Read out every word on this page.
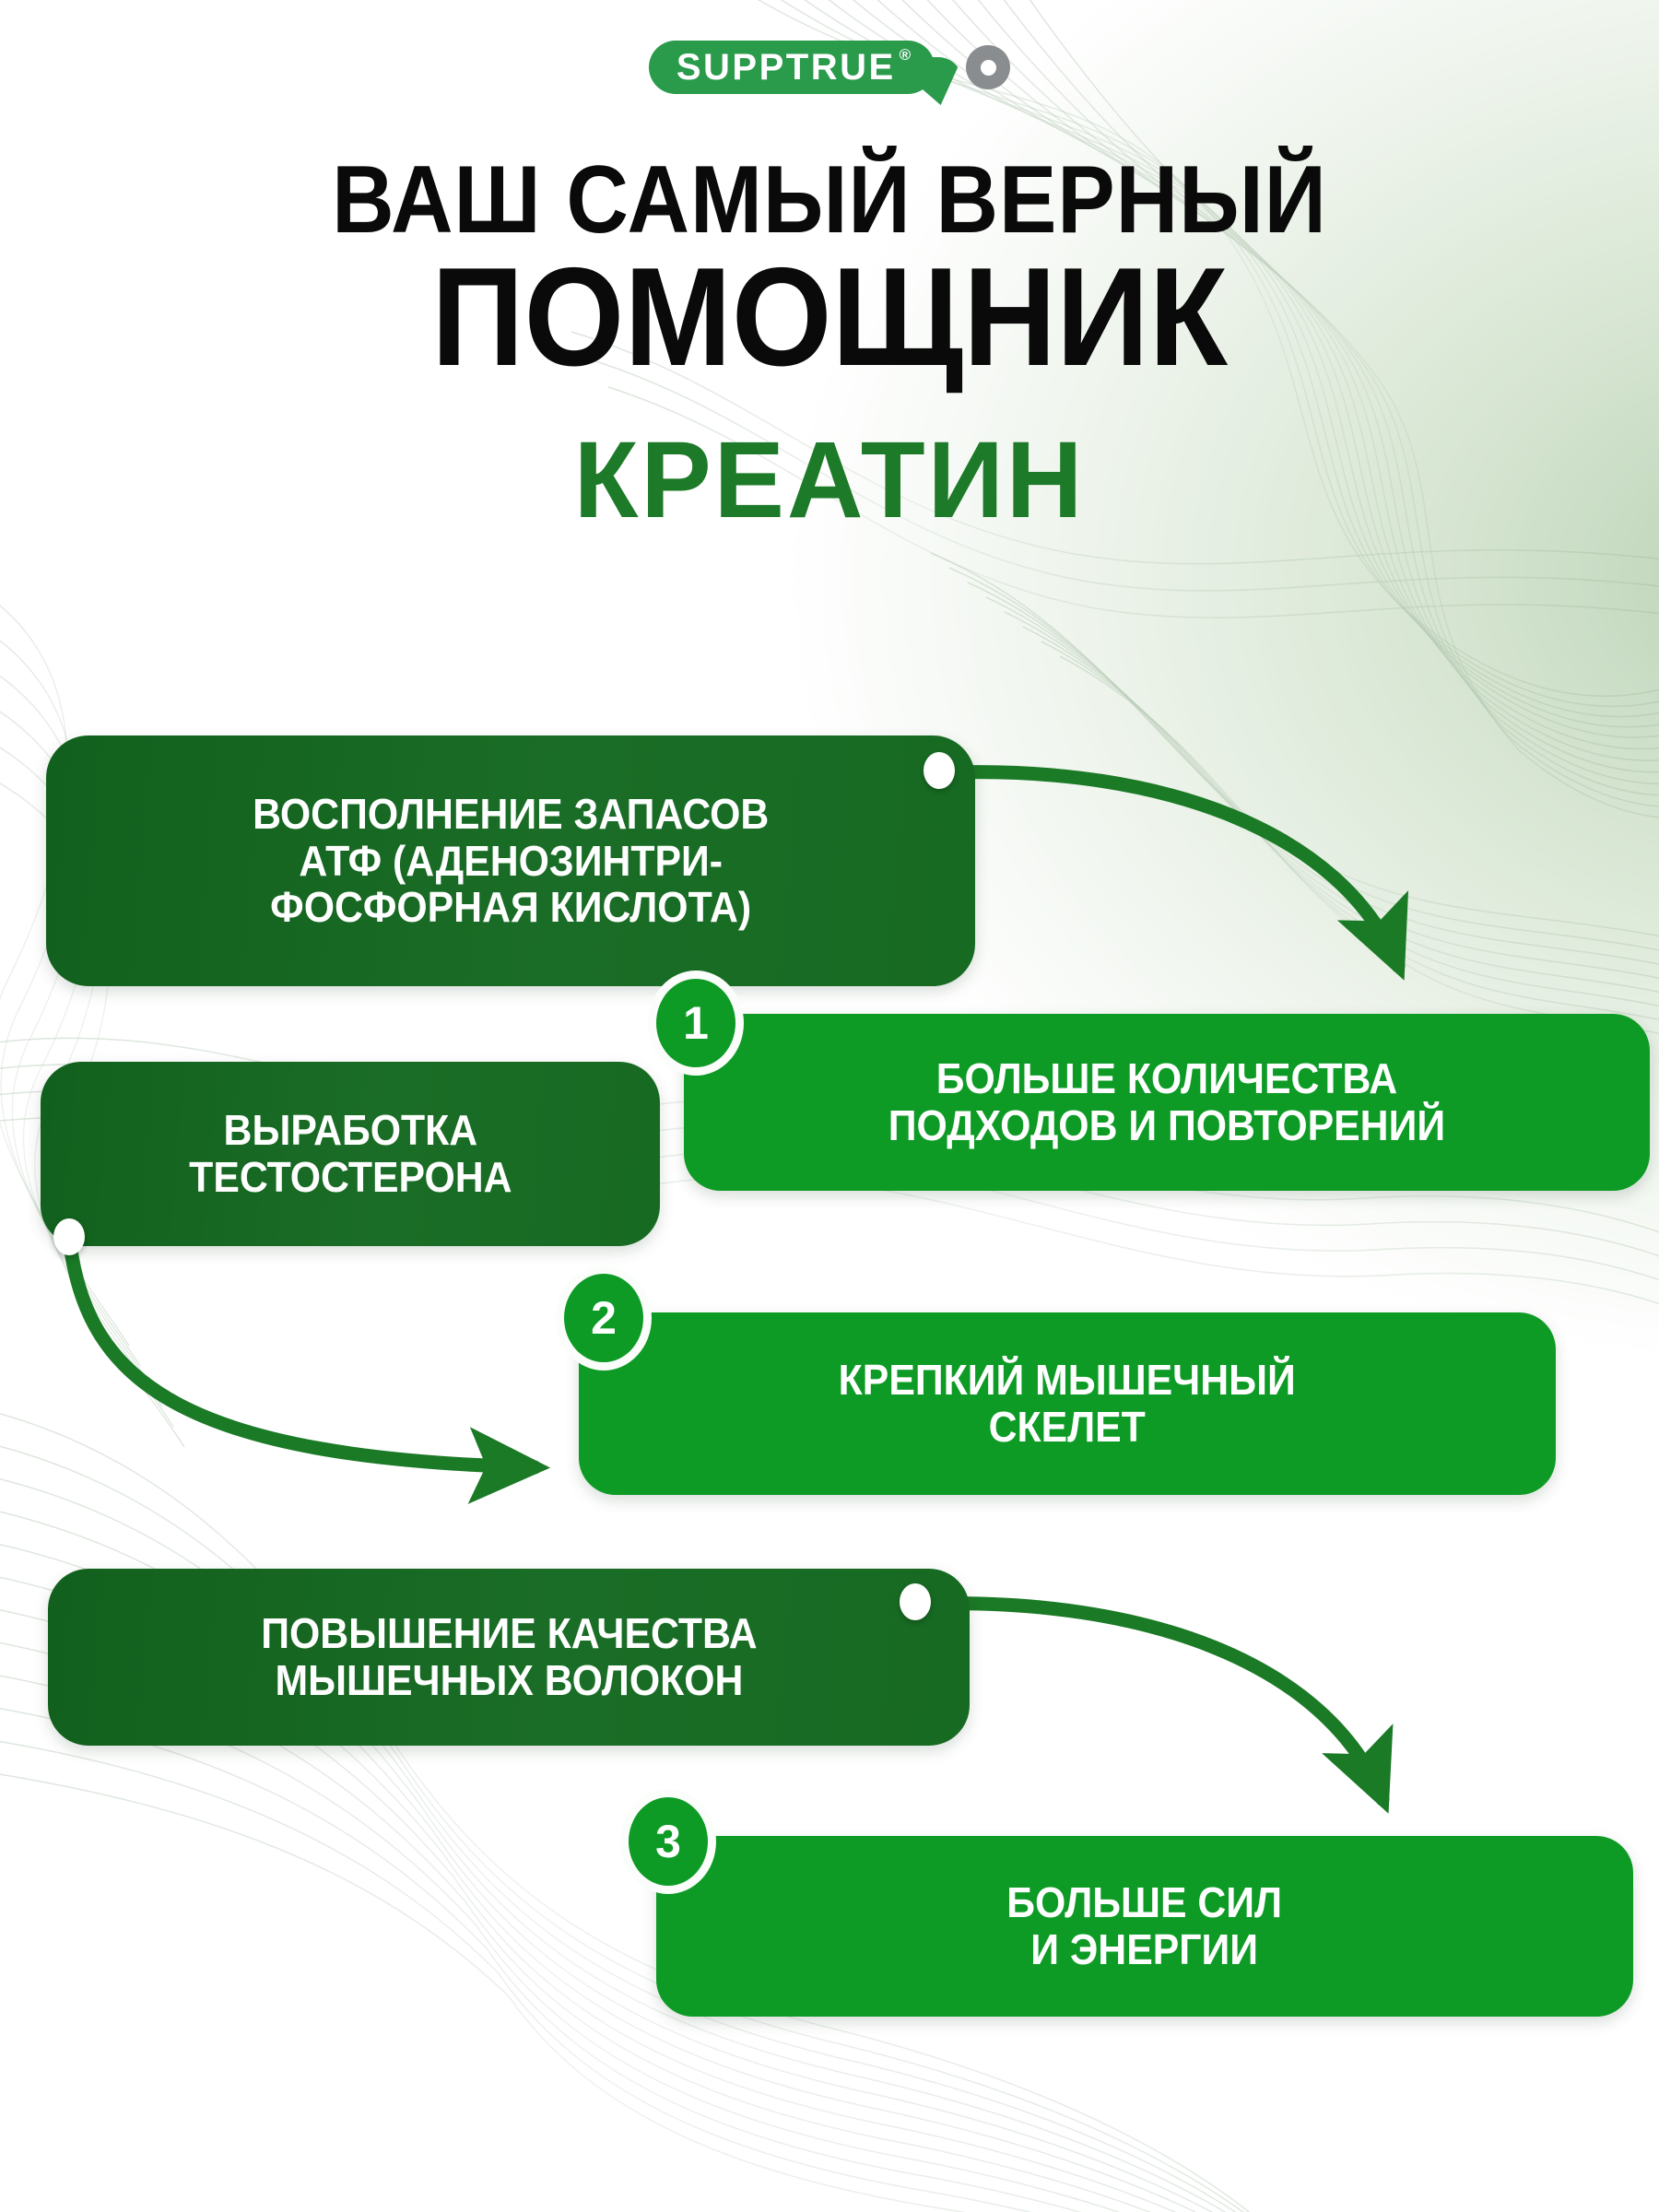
SUPPTRUE ®
ВАШ САМЫЙ ВЕРНЫЙ
ПОМОЩНИК
КРЕАТИН
ВОСПОЛНЕНИЕ ЗАПАСОВ
АТФ (АДЕНОЗИНТРИ-
ФОСФОРНАЯ КИСЛОТА)
БОЛЬШЕ КОЛИЧЕСТВА
ПОДХОДОВ И ПОВТОРЕНИЙ
1
ВЫРАБОТКА
ТЕСТОСТЕРОНА
КРЕПКИЙ МЫШЕЧНЫЙ
СКЕЛЕТ
2
ПОВЫШЕНИЕ КАЧЕСТВА
МЫШЕЧНЫХ ВОЛОКОН
БОЛЬШЕ СИЛ
И ЭНЕРГИИ
3
